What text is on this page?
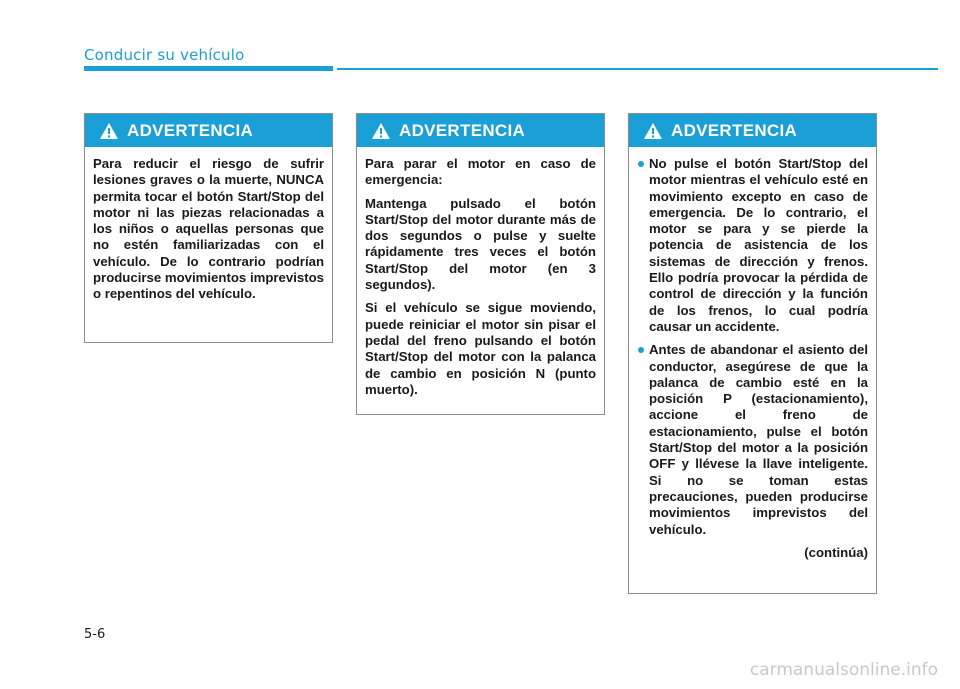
Conducir su vehículo
ADVERTENCIA

Para reducir el riesgo de sufrir lesiones graves o la muerte, NUNCA permita tocar el botón Start/Stop del motor ni las piezas relacionadas a los niños o aquellas personas que no estén familiarizadas con el vehículo. De lo contrario podrían producirse movimientos imprevistos o repentinos del vehículo.

ADVERTENCIA

Para parar el motor en caso de emergencia:

Mantenga pulsado el botón Start/Stop del motor durante más de dos segundos o pulse y suelte rápidamente tres veces el botón Start/Stop del motor (en 3 segundos).

Si el vehículo se sigue moviendo, puede reiniciar el motor sin pisar el pedal del freno pulsando el botón Start/Stop del motor con la palanca de cambio en posición N (punto muerto).

ADVERTENCIA
No pulse el botón Start/Stop del motor mientras el vehículo esté en movimiento excepto en caso de emergencia. De lo contrario, el motor se para y se pierde la potencia de asistencia de los sistemas de dirección y frenos. Ello podría provocar la pérdida de control de dirección y la función de los frenos, lo cual podría causar un accidente.
Antes de abandonar el asiento del conductor, asegúrese de que la palanca de cambio esté en la posición P (estacionamiento), accione el freno de estacionamiento, pulse el botón Start/Stop del motor a la posición OFF y llévese la llave inteligente. Si no se toman estas precauciones, pueden producirse movimientos imprevistos del vehículo.
(continúa)
5-6
carmanualsonline.info
